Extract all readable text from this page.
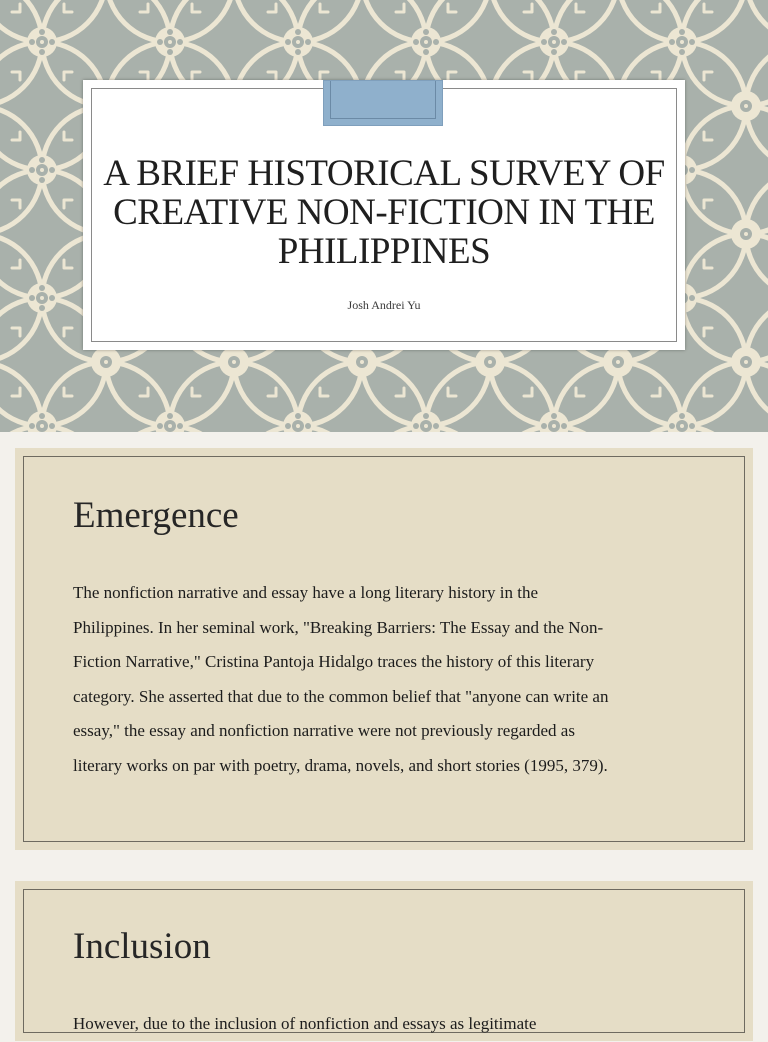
A BRIEF HISTORICAL SURVEY OF CREATIVE NON-FICTION IN THE PHILIPPINES
Josh Andrei Yu
Emergence

The nonfiction narrative and essay have a long literary history in the Philippines. In her seminal work, "Breaking Barriers: The Essay and the Non-Fiction Narrative," Cristina Pantoja Hidalgo traces the history of this literary category. She asserted that due to the common belief that "anyone can write an essay," the essay and nonfiction narrative were not previously regarded as literary works on par with poetry, drama, novels, and short stories (1995, 379).

Inclusion

However, due to the inclusion of nonfiction and essays as legitimate
